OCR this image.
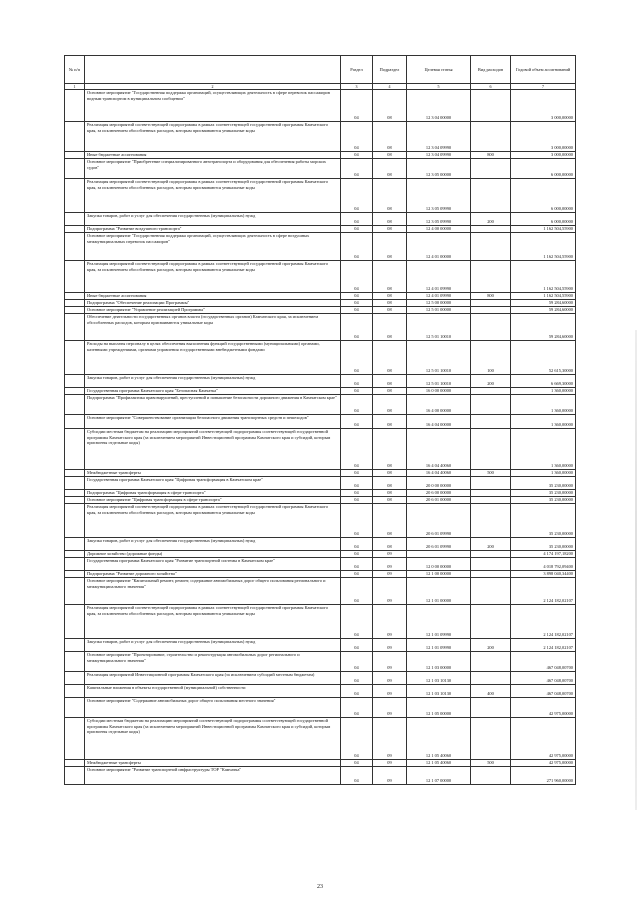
№ п/п		Раздел	Подраздел	Целевая статья	Вид расходов	Годовой объем ассигнований
1	2	3	4	5	6	7
	Основное мероприятие "Государственная поддержка организаций, осуществляющих деятельность в сфере перевозок пассажиров водным транспортом в муниципальном сообщении"	04	08	12 3 04 00000		3 000,00000
	Реализация мероприятий соответствующей подпрограммы в рамках соответствующей государственной программы Камчатского края, за исключением обособленных расходов, которым присваиваются уникальные коды	04	08	12 3 04 09990		3 000,00000
	Иные бюджетные ассигнования	04	08	12 3 04 09990	800	3 000,00000
	Основное мероприятие "Приобретение специализированного автотранспорта и оборудования для обеспечения работы морских судов"	04	08	12 3 05 00000		6 000,00000
	Реализация мероприятий соответствующей подпрограммы в рамках соответствующей государственной программы Камчатского края, за исключением обособленных расходов, которым присваиваются уникальные коды	04	08	12 3 05 09990		6 000,00000
	Закупка товаров, работ и услуг для обеспечения государственных (муниципальных) нужд	04	08	12 3 05 09990	200	6 000,00000
	Подпрограмма "Развитие воздушного транспорта"	04	08	12 4 00 00000		1 162 504,55900
	Основное мероприятие "Государственная поддержка организаций, осуществляющих деятельность в сфере воздушных межмуниципальных перевозок пассажиров"	04	08	12 4 01 00000		1 162 504,55900
	Реализация мероприятий соответствующей подпрограммы в рамках соответствующей государственной программы Камчатского края, за исключением обособленных расходов, которым присваиваются уникальные коды	04	08	12 4 01 09990		1 162 504,55900
	Иные бюджетные ассигнования	04	08	12 4 01 09990	800	1 162 504,55900
	Подпрограмма "Обеспечение реализации Программы"	04	08	12 5 00 00000		59 284,60000
	Основное мероприятие "Управление реализацией Программы"	04	08	12 5 01 00000		59 284,60000
	Обеспечение деятельности государственных органов власти (государственных органов) Камчатского края, за исключением обособленных расходов, которым присваиваются уникальные коды	04	08	12 5 01 10010		59 284,60000
	Расходы на выплаты персоналу в целях обеспечения выполнения функций государственными (муниципальными) органами, казенными учреждениями, органами управления государственными внебюджетными фондами	04	08	12 5 01 10010	100	52 615,30000
	Закупка товаров, работ и услуг для обеспечения государственных (муниципальных) нужд	04	08	12 5 01 10010	200	6 669,30000
	Государственная программа Камчатского края "Безопасная Камчатка"	04	08	16 0 00 00000		1 360,00000
	Подпрограмма "Профилактика правонарушений, преступлений и повышение безопасности дорожного движения в Камчатском крае"	04	08	16 4 00 00000		1 360,00000
	Основное мероприятие "Совершенствование организации безопасного движения транспортных средств и пешеходов"	04	08	16 4 04 00000		1 360,00000
	Субсидии местным бюджетам на реализацию мероприятий соответствующей подпрограммы соответствующей государственной программы Камчатского края (за исключением мероприятий Инвестиционной программы Камчатского края и субсидий, которым присвоены отдельные коды)	04	08	16 4 04 40060		1 360,00000
	Межбюджетные трансферты	04	08	16 4 04 40060	500	1 360,00000
	Государственная программа Камчатского края "Цифровая трансформация в Камчатском крае"	04	08	20 0 00 00000		35 230,00000
	Подпрограмма "Цифровая трансформация в сфере транспорта"	04	08	20 6 00 00000		35 230,00000
	Основное мероприятие "Цифровая трансформация в сфере транспорта"	04	08	20 6 01 00000		35 230,00000
	Реализация мероприятий соответствующей подпрограммы в рамках соответствующей государственной программы Камчатского края, за исключением обособленных расходов, которым присваиваются уникальные коды	04	08	20 6 01 09990		35 230,00000
	Закупка товаров, работ и услуг для обеспечения государственных (муниципальных) нужд	04	08	20 6 01 09990	200	35 230,00000
	Дорожное хозяйство (дорожные фонды)	04	09			4 174 197,18200
	Государственная программа Камчатского края "Развитие транспортной системы в Камчатском крае"	04	09	12 0 00 00000		4 018 792,09400
	Подпрограмма "Развитие дорожного хозяйства"	04	09	12 1 00 00000		3 898 040,34400
	Основное мероприятие "Капитальный ремонт, ремонт, содержание автомобильных дорог общего пользования регионального и межмуниципального значения"	04	09	12 1 01 00000		2 124 182,02107
	Реализация мероприятий соответствующей подпрограммы в рамках соответствующей государственной программы Камчатского края, за исключением обособленных расходов, которым присваиваются уникальные коды	04	09	12 1 01 09990		2 124 182,02107
	Закупка товаров, работ и услуг для обеспечения государственных (муниципальных) нужд	04	09	12 1 01 09990	200	2 124 182,02107
	Основное мероприятие "Проектирование, строительство и реконструкция автомобильных дорог регионального и межмуниципального значения"	04	09	12 1 03 00000		467 048,00700
	Реализация мероприятий Инвестиционной программы Камчатского края (за исключением субсидий местным бюджетам)	04	09	12 1 03 10130		467 048,00700
	Капитальные вложения в объекты государственной (муниципальной) собственности	04	09	12 1 03 10130	400	467 048,00700
	Основное мероприятие "Содержание автомобильных дорог общего пользования местного значения"	04	09	12 1 05 00000		42 975,00000
	Субсидии местным бюджетам на реализацию мероприятий соответствующей подпрограммы соответствующей государственной программы Камчатского края (за исключением мероприятий Инвестиционной программы Камчатского края и субсидий, которым присвоены отдельные коды)	04	09	12 1 05 40060		42 975,00000
	Межбюджетные трансферты	04	09	12 1 05 40060	500	42 975,00000
	Основное мероприятие "Развитие транспортной инфраструктуры ТОР "Камчатка"	04	09	12 1 07 00000		271 960,00000
23
